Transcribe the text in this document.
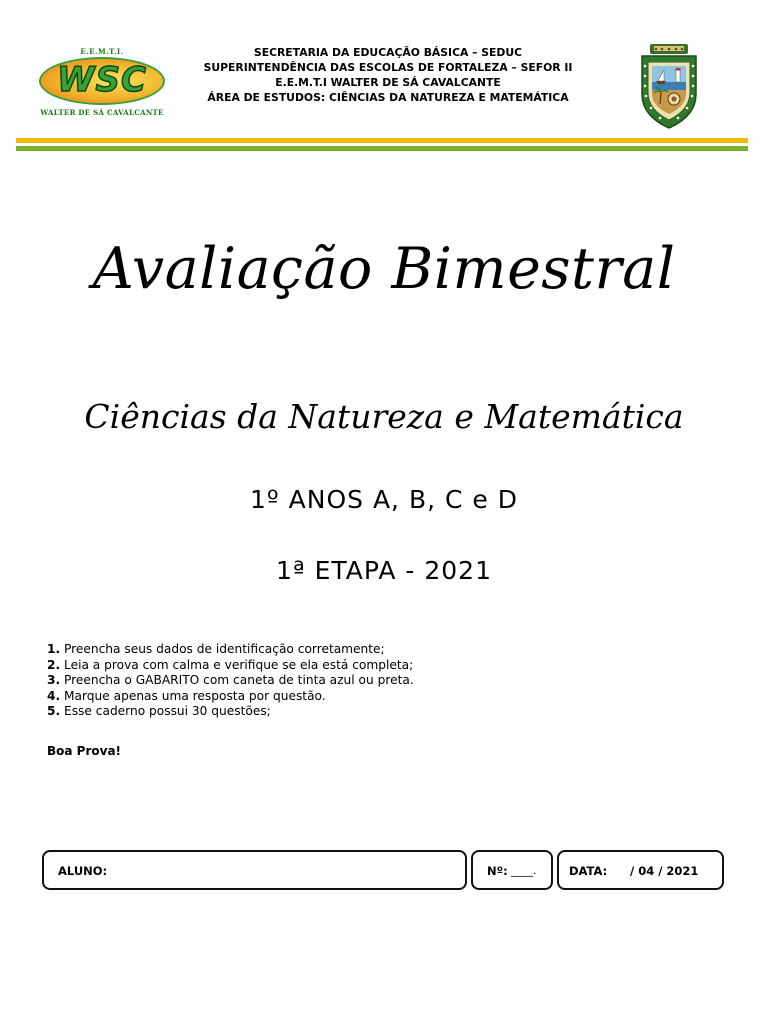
E.E.M.T.I.
WSC
WALTER DE SÁ CAVALCANTE
SECRETARIA DA EDUCAÇÃO BÁSICA – SEDUC
SUPERINTENDÊNCIA DAS ESCOLAS DE FORTALEZA – SEFOR II
E.E.M.T.I WALTER DE SÁ CAVALCANTE
ÁREA DE ESTUDOS: CIÊNCIAS DA NATUREZA E MATEMÁTICA
Avaliação Bimestral
Ciências da Natureza e Matemática
1º ANOS A, B, C e D
1ª ETAPA - 2021
1. Preencha seus dados de identificação corretamente;
2. Leia a prova com calma e verifique se ela está completa;
3. Preencha o GABARITO com caneta de tinta azul ou preta.
4. Marque apenas uma resposta por questão.
5. Esse caderno possui 30 questões;
Boa Prova!
ALUNO:	Nº: ____.	DATA: / 04 / 2021
